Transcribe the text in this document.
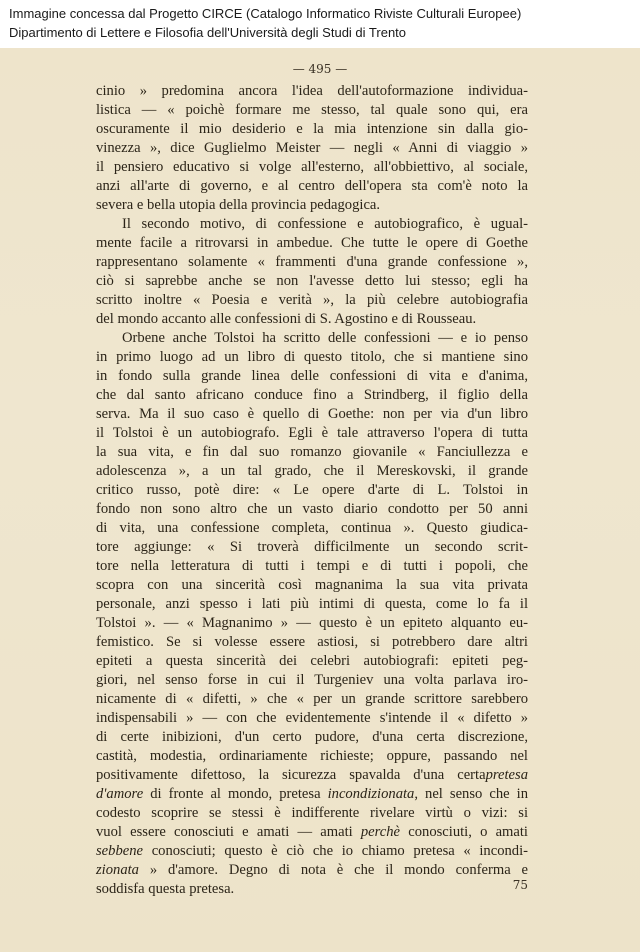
Immagine concessa dal Progetto CIRCE (Catalogo Informatico Riviste Culturali Europee)
Dipartimento di Lettere e Filosofia dell'Università degli Studi di Trento
— 495 —
cinio » predomina ancora l'idea dell'autoformazione individua-
listica — « poichè formare me stesso, tal quale sono qui, era
oscuramente il mio desiderio e la mia intenzione sin dalla gio-
vinezza », dice Guglielmo Meister — negli « Anni di viaggio »
il pensiero educativo si volge all'esterno, all'obbiettivo, al sociale,
anzi all'arte di governo, e al centro dell'opera sta com'è noto la
severa e bella utopia della provincia pedagogica.
Il secondo motivo, di confessione e autobiografico, è ugual-
mente facile a ritrovarsi in ambedue. Che tutte le opere di Goethe
rappresentano solamente « frammenti d'una grande confessione »,
ciò si saprebbe anche se non l'avesse detto lui stesso; egli ha
scritto inoltre « Poesia e verità », la più celebre autobiografia
del mondo accanto alle confessioni di S. Agostino e di Rousseau.
Orbene anche Tolstoi ha scritto delle confessioni — e io penso
in primo luogo ad un libro di questo titolo, che si mantiene sino
in fondo sulla grande linea delle confessioni di vita e d'anima,
che dal santo africano conduce fino a Strindberg, il figlio della
serva. Ma il suo caso è quello di Goethe: non per via d'un libro
il Tolstoi è un autobiografo. Egli è tale attraverso l'opera di tutta
la sua vita, e fin dal suo romanzo giovanile « Fanciullezza e
adolescenza », a un tal grado, che il Mereskovski, il grande
critico russo, potè dire: « Le opere d'arte di L. Tolstoi in
fondo non sono altro che un vasto diario condotto per 50 anni
di vita, una confessione completa, continua ». Questo giudica-
tore aggiunge: « Si troverà difficilmente un secondo scrit-
tore nella letteratura di tutti i tempi e di tutti i popoli, che
scopra con una sincerità così magnanima la sua vita privata
personale, anzi spesso i lati più intimi di questa, come lo fa il
Tolstoi ». — « Magnanimo » — questo è un epiteto alquanto eu-
femistico. Se si volesse essere astiosi, si potrebbero dare altri
epiteti a questa sincerità dei celebri autobiografi: epiteti peg-
giori, nel senso forse in cui il Turgeniev una volta parlava iro-
nicamente di « difetti, » che « per un grande scrittore sarebbero
indispensabili » — con che evidentemente s'intende il « difetto »
di certe inibizioni, d'un certo pudore, d'una certa discrezione,
castità, modestia, ordinariamente richieste; oppure, passando nel
positivamente difettoso, la sicurezza spavalda d'una certapretesa
d'amore di fronte al mondo, pretesa incondizionata, nel senso che in
codesto scoprire se stessi è indifferente rivelare virtù o vizi: si
vuol essere conosciuti e amati — amati perchè conosciuti, o amati
sebbene conosciuti; questo è ciò che io chiamo pretesa « incondi-
zionata » d'amore. Degno di nota è che il mondo conferma e
soddisfa questa pretesa.	75
